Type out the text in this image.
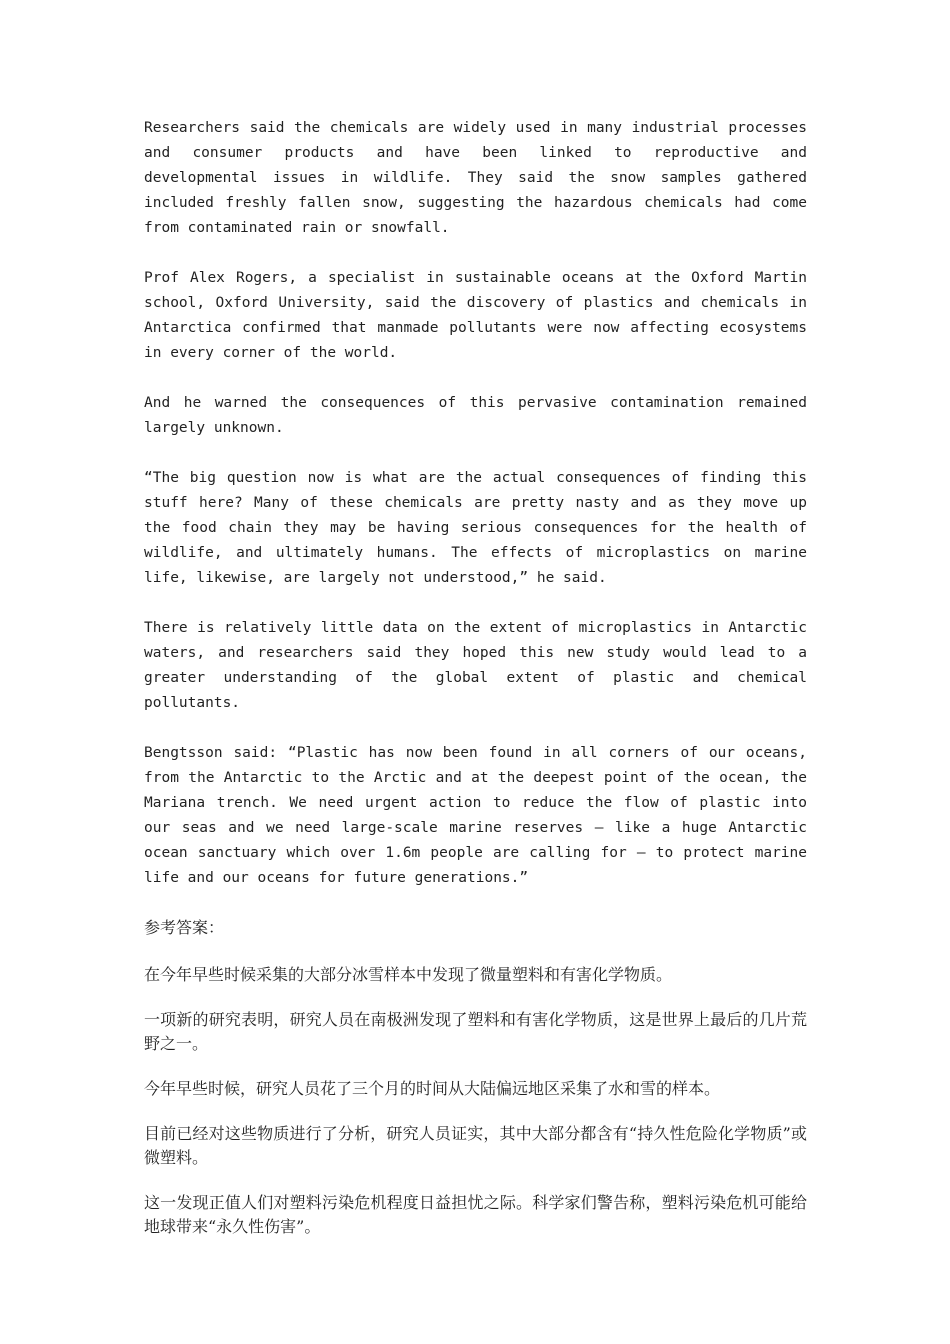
Researchers said the chemicals are widely used in many industrial processes and consumer products and have been linked to reproductive and developmental issues in wildlife. They said the snow samples gathered included freshly fallen snow, suggesting the hazardous chemicals had come from contaminated rain or snowfall.

Prof Alex Rogers, a specialist in sustainable oceans at the Oxford Martin school, Oxford University, said the discovery of plastics and chemicals in Antarctica confirmed that manmade pollutants were now affecting ecosystems in every corner of the world.

And he warned the consequences of this pervasive contamination remained largely unknown.

“The big question now is what are the actual consequences of finding this stuff here? Many of these chemicals are pretty nasty and as they move up the food chain they may be having serious consequences for the health of wildlife, and ultimately humans. The effects of microplastics on marine life, likewise, are largely not understood,” he said.

There is relatively little data on the extent of microplastics in Antarctic waters, and researchers said they hoped this new study would lead to a greater understanding of the global extent of plastic and chemical pollutants.

Bengtsson said: “Plastic has now been found in all corners of our oceans, from the Antarctic to the Arctic and at the deepest point of the ocean, the Mariana trench. We need urgent action to reduce the flow of plastic into our seas and we need large-scale marine reserves – like a huge Antarctic ocean sanctuary which over 1.6m people are calling for – to protect marine life and our oceans for future generations.”

参考答案：

在今年早些时候采集的大部分冰雪样本中发现了微量塑料和有害化学物质。

一项新的研究表明，研究人员在南极洲发现了塑料和有害化学物质，这是世界上最后的几片荒野之一。

今年早些时候，研究人员花了三个月的时间从大陆偏远地区采集了水和雪的样本。

目前已经对这些物质进行了分析，研究人员证实，其中大部分都含有“持久性危险化学物质”或微塑料。

这一发现正值人们对塑料污染危机程度日益担忧之际。科学家们警告称，塑料污染危机可能给地球带来“永久性伤害”。
